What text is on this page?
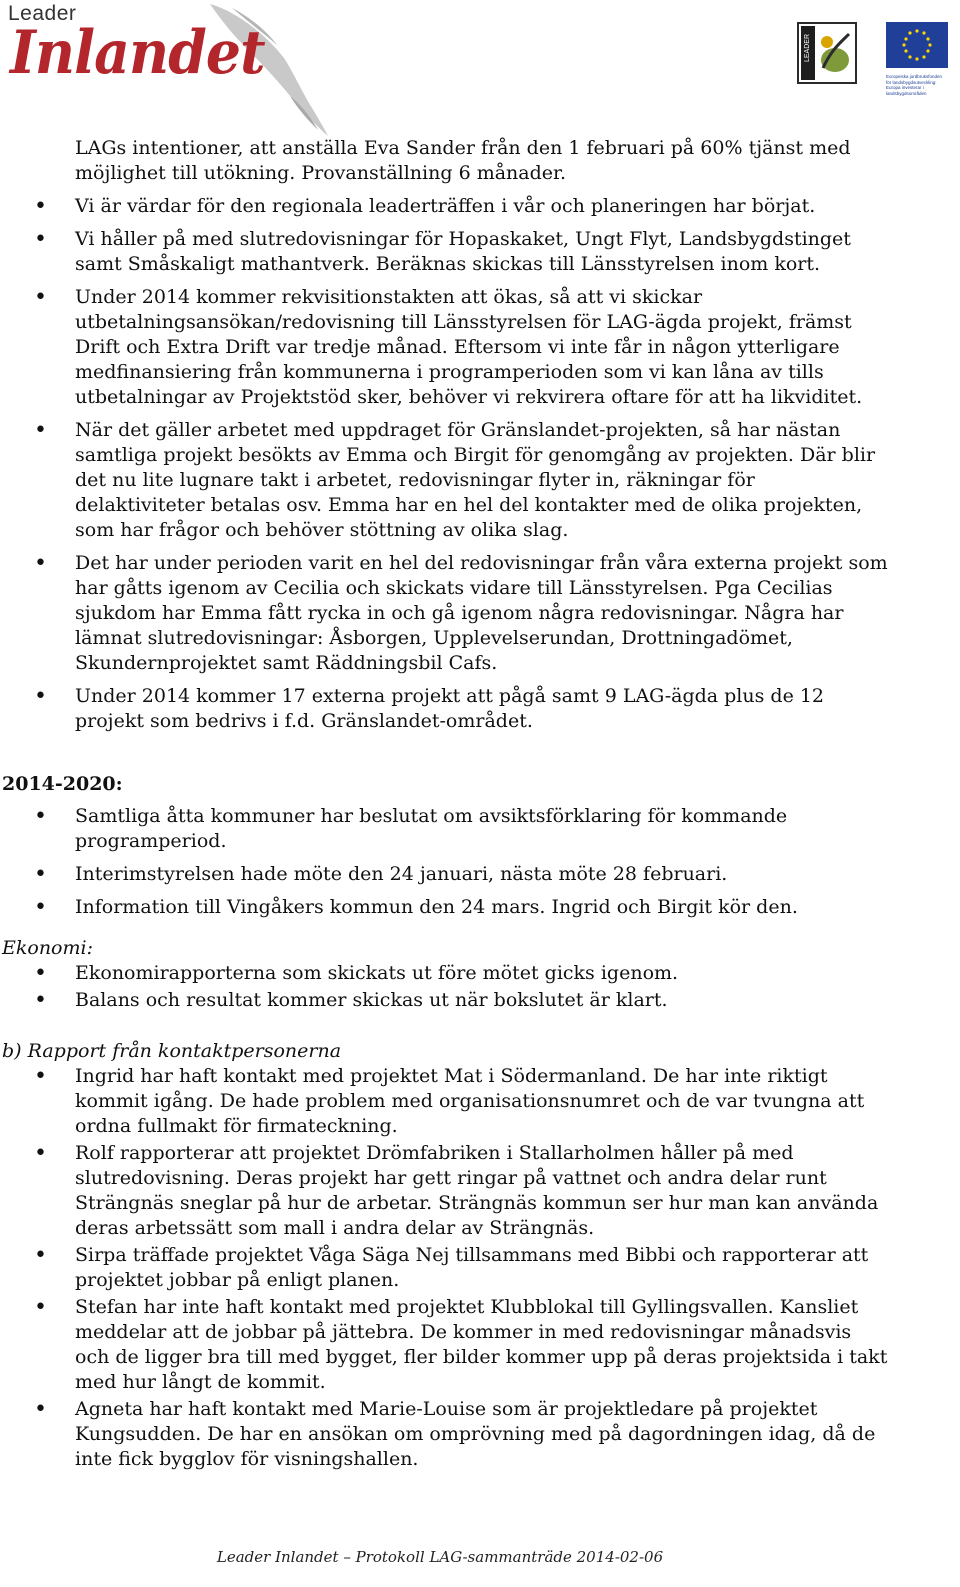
Leader
Inlandet	LEADER
Europeiska jordbruksfonden för landsbygdsutveckling: Europa investerar i landsbygdsområden
LAGs intentioner, att anställa Eva Sander från den 1 februari på 60% tjänst med möjlighet till utökning. Provanställning 6 månader.
• Vi är värdar för den regionala leaderträffen i vår och planeringen har börjat.
• Vi håller på med slutredovisningar för Hopaskaket, Ungt Flyt, Landsbygdstinget samt Småskaligt mathantverk. Beräknas skickas till Länsstyrelsen inom kort.
• Under 2014 kommer rekvisitionstakten att ökas, så att vi skickar utbetalningsansökan/redovisning till Länsstyrelsen för LAG-ägda projekt, främst Drift och Extra Drift var tredje månad. Eftersom vi inte får in någon ytterligare medfinansiering från kommunerna i programperioden som vi kan låna av tills utbetalningar av Projektstöd sker, behöver vi rekvirera oftare för att ha likviditet.
• När det gäller arbetet med uppdraget för Gränslandet-projekten, så har nästan samtliga projekt besökts av Emma och Birgit för genomgång av projekten. Där blir det nu lite lugnare takt i arbetet, redovisningar flyter in, räkningar för delaktiviteter betalas osv. Emma har en hel del kontakter med de olika projekten, som har frågor och behöver stöttning av olika slag.
• Det har under perioden varit en hel del redovisningar från våra externa projekt som har gåtts igenom av Cecilia och skickats vidare till Länsstyrelsen. Pga Cecilias sjukdom har Emma fått rycka in och gå igenom några redovisningar. Några har lämnat slutredovisningar: Åsborgen, Upplevelserundan, Drottningadömet, Skundernprojektet samt Räddningsbil Cafs.
• Under 2014 kommer 17 externa projekt att pågå samt 9 LAG-ägda plus de 12 projekt som bedrivs i f.d. Gränslandet-området.
2014-2020:
• Samtliga åtta kommuner har beslutat om avsiktsförklaring för kommande programperiod.
• Interimstyrelsen hade möte den 24 januari, nästa möte 28 februari.
• Information till Vingåkers kommun den 24 mars. Ingrid och Birgit kör den.
Ekonomi:
• Ekonomirapporterna som skickats ut före mötet gicks igenom.
• Balans och resultat kommer skickas ut när bokslutet är klart.
b) Rapport från kontaktpersonerna
• Ingrid har haft kontakt med projektet Mat i Södermanland. De har inte riktigt kommit igång. De hade problem med organisationsnumret och de var tvungna att ordna fullmakt för firmateckning.
• Rolf rapporterar att projektet Drömfabriken i Stallarholmen håller på med slutredovisning. Deras projekt har gett ringar på vattnet och andra delar runt Strängnäs sneglar på hur de arbetar. Strängnäs kommun ser hur man kan använda deras arbetssätt som mall i andra delar av Strängnäs.
• Sirpa träffade projektet Våga Säga Nej tillsammans med Bibbi och rapporterar att projektet jobbar på enligt planen.
• Stefan har inte haft kontakt med projektet Klubblokal till Gyllingsvallen. Kansliet meddelar att de jobbar på jättebra. De kommer in med redovisningar månadsvis och de ligger bra till med bygget, fler bilder kommer upp på deras projektsida i takt med hur långt de kommit.
• Agneta har haft kontakt med Marie-Louise som är projektledare på projektet Kungsudden. De har en ansökan om omprövning med på dagordningen idag, då de inte fick bygglov för visningshallen.
Leader Inlandet – Protokoll LAG-sammanträde 2014-02-06
